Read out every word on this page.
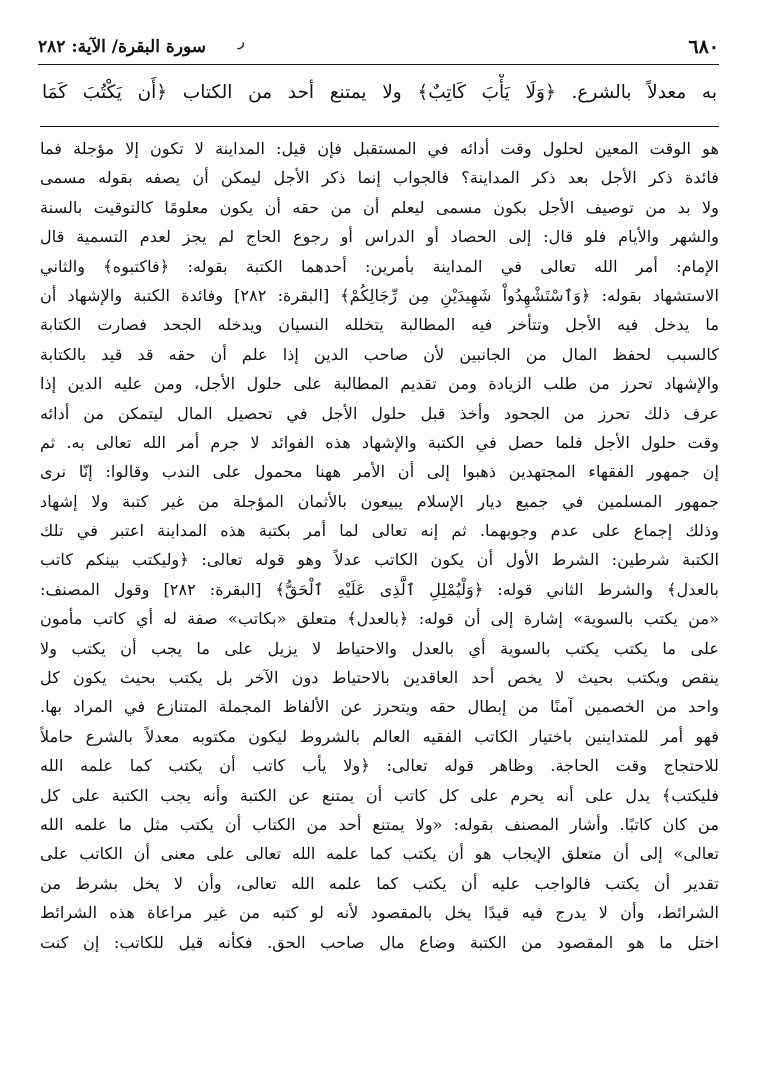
٦٨٠
سورة البقرة/ الآية: ٢٨٢ ر
به معدلاً بالشرع. ﴿وَلَا يَأْبَ كَاتِبٌ﴾ ولا يمتنع أحد من الكتاب ﴿أَن يَكْتُبَ كَمَا
هو الوقت المعين لحلول وقت أدائه في المستقبل فإن قيل: المداينة لا تكون إلا مؤجلة فما
فائدة ذكر الأجل بعد ذكر المداينة؟ فالجواب إنما ذكر الأجل ليمكن أن يصفه بقوله مسمى
ولا بد من توصيف الأجل بكون مسمى ليعلم أن من حقه أن يكون معلومًا كالتوقيت بالسنة
والشهر والأيام فلو قال: إلى الحصاد أو الدراس أو رجوع الحاج لم يجز لعدم التسمية قال
الإمام: أمر الله تعالى في المداينة بأمرين: أحدهما الكتبة بقوله: ﴿فاكتبوه﴾ والثاني
الاستشهاد بقوله: ﴿وَٱسْتَشْهِدُواْ شَهِيدَيْنِ مِن رِّجَالِكُمْ﴾ [البقرة: ٢٨٢] وفائدة الكتبة والإشهاد أن
ما يدخل فيه الأجل وتتأخر فيه المطالبة يتخلله النسيان ويدخله الجحد فصارت الكتابة
كالسبب لحفظ المال من الجانبين لأن صاحب الدين إذا علم أن حقه قد قيد بالكتابة
والإشهاد تحرز من طلب الزيادة ومن تقديم المطالبة على حلول الأجل، ومن عليه الدين إذا
عرف ذلك تحرز من الجحود وأخذ قبل حلول الأجل في تحصيل المال ليتمكن من أدائه
وقت حلول الأجل فلما حصل في الكتبة والإشهاد هذه الفوائد لا جرم أمر الله تعالى به. ثم
إن جمهور الفقهاء المجتهدين ذهبوا إلى أن الأمر ههنا محمول على الندب وقالوا: إنّا نرى
جمهور المسلمين في جميع ديار الإسلام يبيعون بالأثمان المؤجلة من غير كتبة ولا إشهاد
وذلك إجماع على عدم وجوبهما. ثم إنه تعالى لما أمر بكتبة هذه المداينة اعتبر في تلك
الكتبة شرطين: الشرط الأول أن يكون الكاتب عدلاً وهو قوله تعالى: ﴿وليكتب بينكم كاتب
بالعدل﴾ والشرط الثاني قوله: ﴿وَلْيُمْلِلِ ٱلَّذِى عَلَيْهِ ٱلْحَقُّ﴾ [البقرة: ٢٨٢] وقول المصنف:
«من يكتب بالسوية» إشارة إلى أن قوله: ﴿بالعدل﴾ متعلق «بكاتب» صفة له أي كاتب مأمون
على ما يكتب يكتب بالسوية أي بالعدل والاحتياط لا يزيل على ما يجب أن يكتب ولا
ينقص ويكتب بحيث لا يخص أحد العاقدين بالاحتياط دون الآخر بل يكتب بحيث يكون كل
واحد من الخصمين آمنًا من إبطال حقه ويتحرز عن الألفاظ المجملة المتنازع في المراد بها.
فهو أمر للمتداينين باختيار الكاتب الفقيه العالم بالشروط ليكون مكتوبه معدلاً بالشرع حاملاً
للاحتجاج وقت الحاجة. وظاهر قوله تعالى: ﴿ولا يأب كاتب أن يكتب كما علمه الله
فليكتب﴾ يدل على أنه يحرم على كل كاتب أن يمتنع عن الكتبة وأنه يجب الكتبة على كل
من كان كاتبًا. وأشار المصنف بقوله: «ولا يمتنع أحد من الكتاب أن يكتب مثل ما علمه الله
تعالى» إلى أن متعلق الإيجاب هو أن يكتب كما علمه الله تعالى على معنى أن الكاتب على
تقدير أن يكتب فالواجب عليه أن يكتب كما علمه الله تعالى، وأن لا يخل بشرط من
الشرائط، وأن لا يدرج فيه قيدًا يخل بالمقصود لأنه لو كتبه من غير مراعاة هذه الشرائط
اختل ما هو المقصود من الكتبة وضاع مال صاحب الحق. فكأنه قيل للكاتب: إن كنت
